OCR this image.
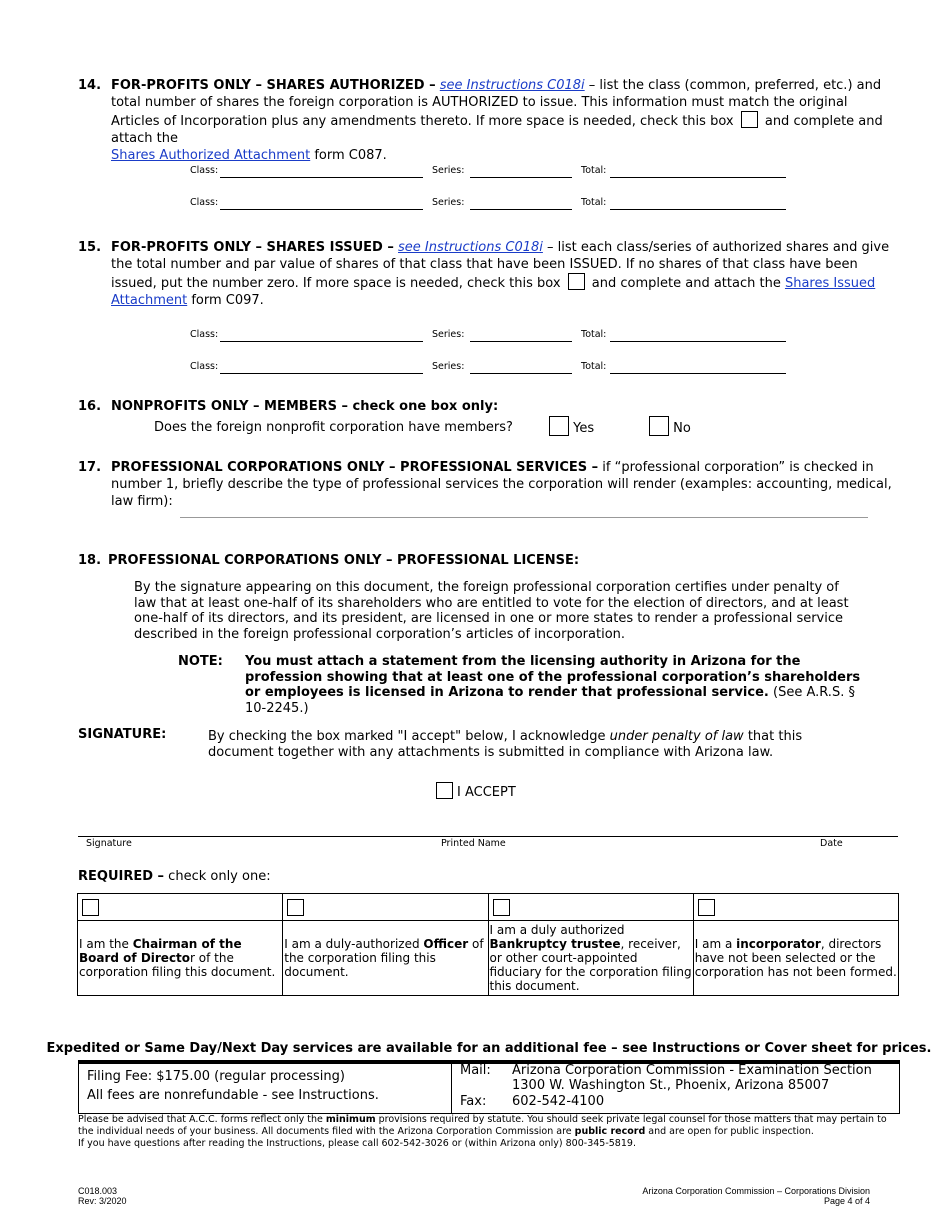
14. FOR-PROFITS ONLY – SHARES AUTHORIZED – see Instructions C018i – list the class (common, preferred, etc.) and total number of shares the foreign corporation is AUTHORIZED to issue. This information must match the original Articles of Incorporation plus any amendments thereto. If more space is needed, check this box  and complete and attach the
Shares Authorized Attachment form C087.
Class:	Series:	Total:
Class:	Series:	Total:
15. FOR-PROFITS ONLY – SHARES ISSUED – see Instructions C018i – list each class/series of authorized shares and give the total number and par value of shares of that class that have been ISSUED. If no shares of that class have been issued, put the number zero. If more space is needed, check this box  and complete and attach the Shares Issued Attachment form C097.
Class:	Series:	Total:
Class:	Series:	Total:
16. NONPROFITS ONLY – MEMBERS – check one box only:
Does the foreign nonprofit corporation have members?	Yes	No
17. PROFESSIONAL CORPORATIONS ONLY – PROFESSIONAL SERVICES – if “professional corporation” is checked in number 1, briefly describe the type of professional services the corporation will render (examples: accounting, medical, law firm):
18. PROFESSIONAL CORPORATIONS ONLY – PROFESSIONAL LICENSE:
By the signature appearing on this document, the foreign professional corporation certifies under penalty of law that at least one-half of its shareholders who are entitled to vote for the election of directors, and at least one-half of its directors, and its president, are licensed in one or more states to render a professional service described in the foreign professional corporation’s articles of incorporation.
NOTE: You must attach a statement from the licensing authority in Arizona for the profession showing that at least one of the professional corporation’s shareholders or employees is licensed in Arizona to render that professional service. (See A.R.S. § 10-2245.)
SIGNATURE:	By checking the box marked "I accept" below, I acknowledge under penalty of law that this document together with any attachments is submitted in compliance with Arizona law.
I ACCEPT
Signature	Printed Name	Date
REQUIRED – check only one:

I am the Chairman of the Board of Director of the corporation filing this document.	I am a duly-authorized Officer of the corporation filing this document.	I am a duly authorized Bankruptcy trustee, receiver, or other court-appointed fiduciary for the corporation filing this document.	I am a incorporator, directors have not been selected or the corporation has not been formed.
Expedited or Same Day/Next Day services are available for an additional fee – see Instructions or Cover sheet for prices.
Filing Fee: $175.00 (regular processing)
All fees are nonrefundable - see Instructions.
Mail: Arizona Corporation Commission - Examination Section
1300 W. Washington St., Phoenix, Arizona 85007
Fax: 602-542-4100
Please be advised that A.C.C. forms reflect only the minimum provisions required by statute. You should seek private legal counsel for those matters that may pertain to the individual needs of your business. All documents filed with the Arizona Corporation Commission are public record and are open for public inspection.
If you have questions after reading the Instructions, please call 602-542-3026 or (within Arizona only) 800-345-5819.
C018.003
Rev: 3/2020
Arizona Corporation Commission – Corporations Division
Page 4 of 4
